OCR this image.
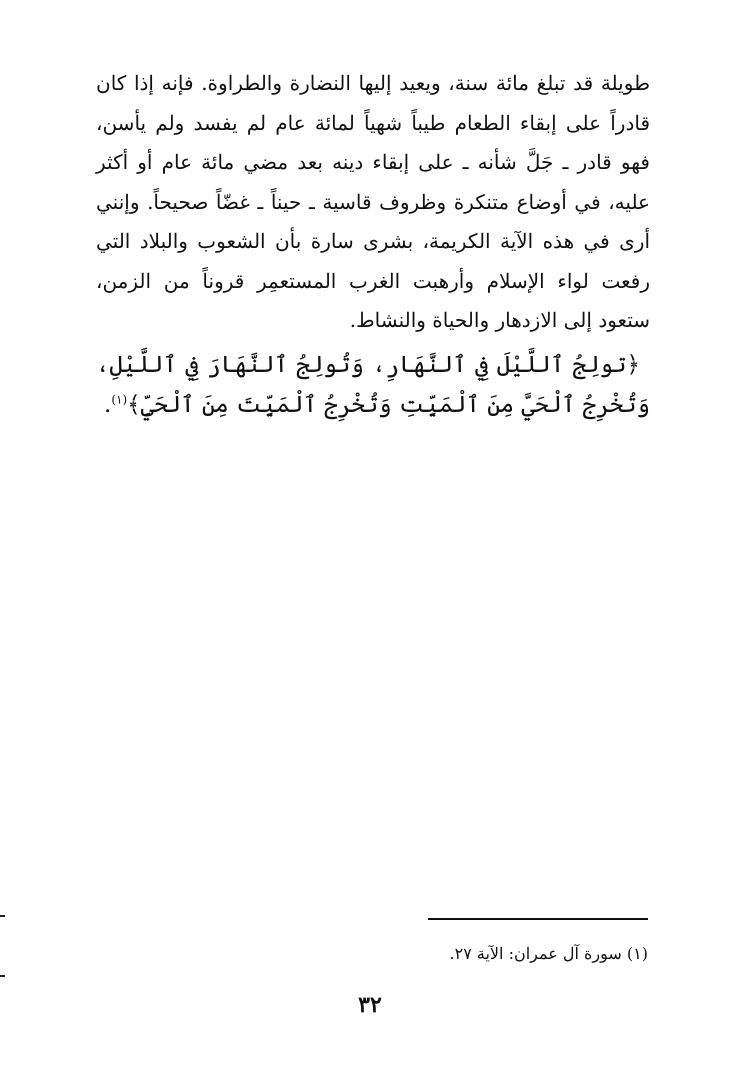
طويلة قد تبلغ مائة سنة، ويعيد إليها النضارة والطراوة. فإنه إذا كان قادراً على إبقاء الطعام طيباً شهياً لمائة عام لم يفسد ولم يأسن، فهو قادر ـ جَلَّ شأنه ـ على إبقاء دينه بعد مضي مائة عام أو أكثر عليه، في أوضاع متنكرة وظروف قاسية ـ حيناً ـ غضّاً صحيحاً. وإنني أرى في هذه الآية الكريمة، بشرى سارة بأن الشعوب والبلاد التي رفعت لواء الإسلام وأرهبت الغرب المستعمِر قروناً من الزمن، ستعود إلى الازدهار والحياة والنشاط.

﴿تولِجُ ٱللَّيْلَ فِي ٱلنَّهَارِ، وَتُولِجُ ٱلنَّهَارَ فِي ٱللَّيْلِ، وَتُخْرِجُ ٱلْحَيَّ مِنَ ٱلْمَيِّتِ وَتُخْرِجُ ٱلْمَيِّتَ مِنَ ٱلْحَيِّ﴾$^{(١)}$.

(١) سورة آل عمران: الآية ٢٧.
٣٢
